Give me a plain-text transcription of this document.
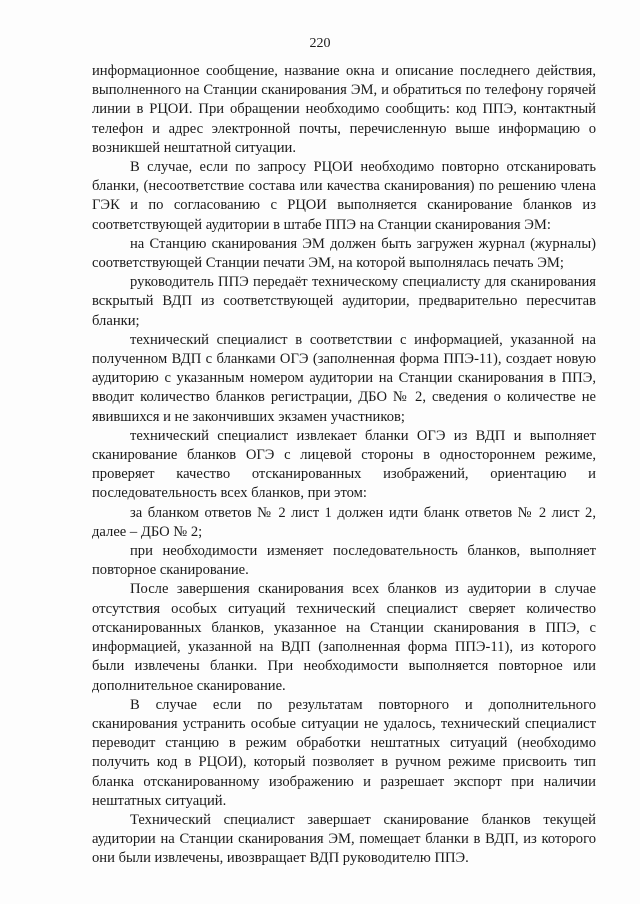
220

информационное сообщение, название окна и описание последнего действия, выполненного на Станции сканирования ЭМ, и обратиться по телефону горячей линии в РЦОИ. При обращении необходимо сообщить: код ППЭ, контактный телефон и адрес электронной почты, перечисленную выше информацию о возникшей нештатной ситуации.

В случае, если по запросу РЦОИ необходимо повторно отсканировать бланки, (несоответствие состава или качества сканирования) по решению члена ГЭК и по согласованию с РЦОИ выполняется сканирование бланков из соответствующей аудитории в штабе ППЭ на Станции сканирования ЭМ:

на Станцию сканирования ЭМ должен быть загружен журнал (журналы) соответствующей Станции печати ЭМ, на которой выполнялась печать ЭМ;

руководитель ППЭ передаёт техническому специалисту для сканирования вскрытый ВДП из соответствующей аудитории, предварительно пересчитав бланки;

технический специалист в соответствии с информацией, указанной на полученном ВДП с бланками ОГЭ (заполненная форма ППЭ-11), создает новую аудиторию с указанным номером аудитории на Станции сканирования в ППЭ, вводит количество бланков регистрации, ДБО № 2, сведения о количестве не явившихся и не закончивших экзамен участников;

технический специалист извлекает бланки ОГЭ из ВДП и выполняет сканирование бланков ОГЭ с лицевой стороны в одностороннем режиме, проверяет качество отсканированных изображений, ориентацию и последовательность всех бланков, при этом:

за бланком ответов № 2 лист 1 должен идти бланк ответов № 2 лист 2, далее – ДБО № 2;

при необходимости изменяет последовательность бланков, выполняет повторное сканирование.

После завершения сканирования всех бланков из аудитории в случае отсутствия особых ситуаций технический специалист сверяет количество отсканированных бланков, указанное на Станции сканирования в ППЭ, с информацией, указанной на ВДП (заполненная форма ППЭ-11), из которого были извлечены бланки. При необходимости выполняется повторное или дополнительное сканирование.

В случае если по результатам повторного и дополнительного сканирования устранить особые ситуации не удалось, технический специалист переводит станцию в режим обработки нештатных ситуаций (необходимо получить код в РЦОИ), который позволяет в ручном режиме присвоить тип бланка отсканированному изображению и разрешает экспорт при наличии нештатных ситуаций.

Технический специалист завершает сканирование бланков текущей аудитории на Станции сканирования ЭМ, помещает бланки в ВДП, из которого они были извлечены, ивозвращает ВДП руководителю ППЭ.
